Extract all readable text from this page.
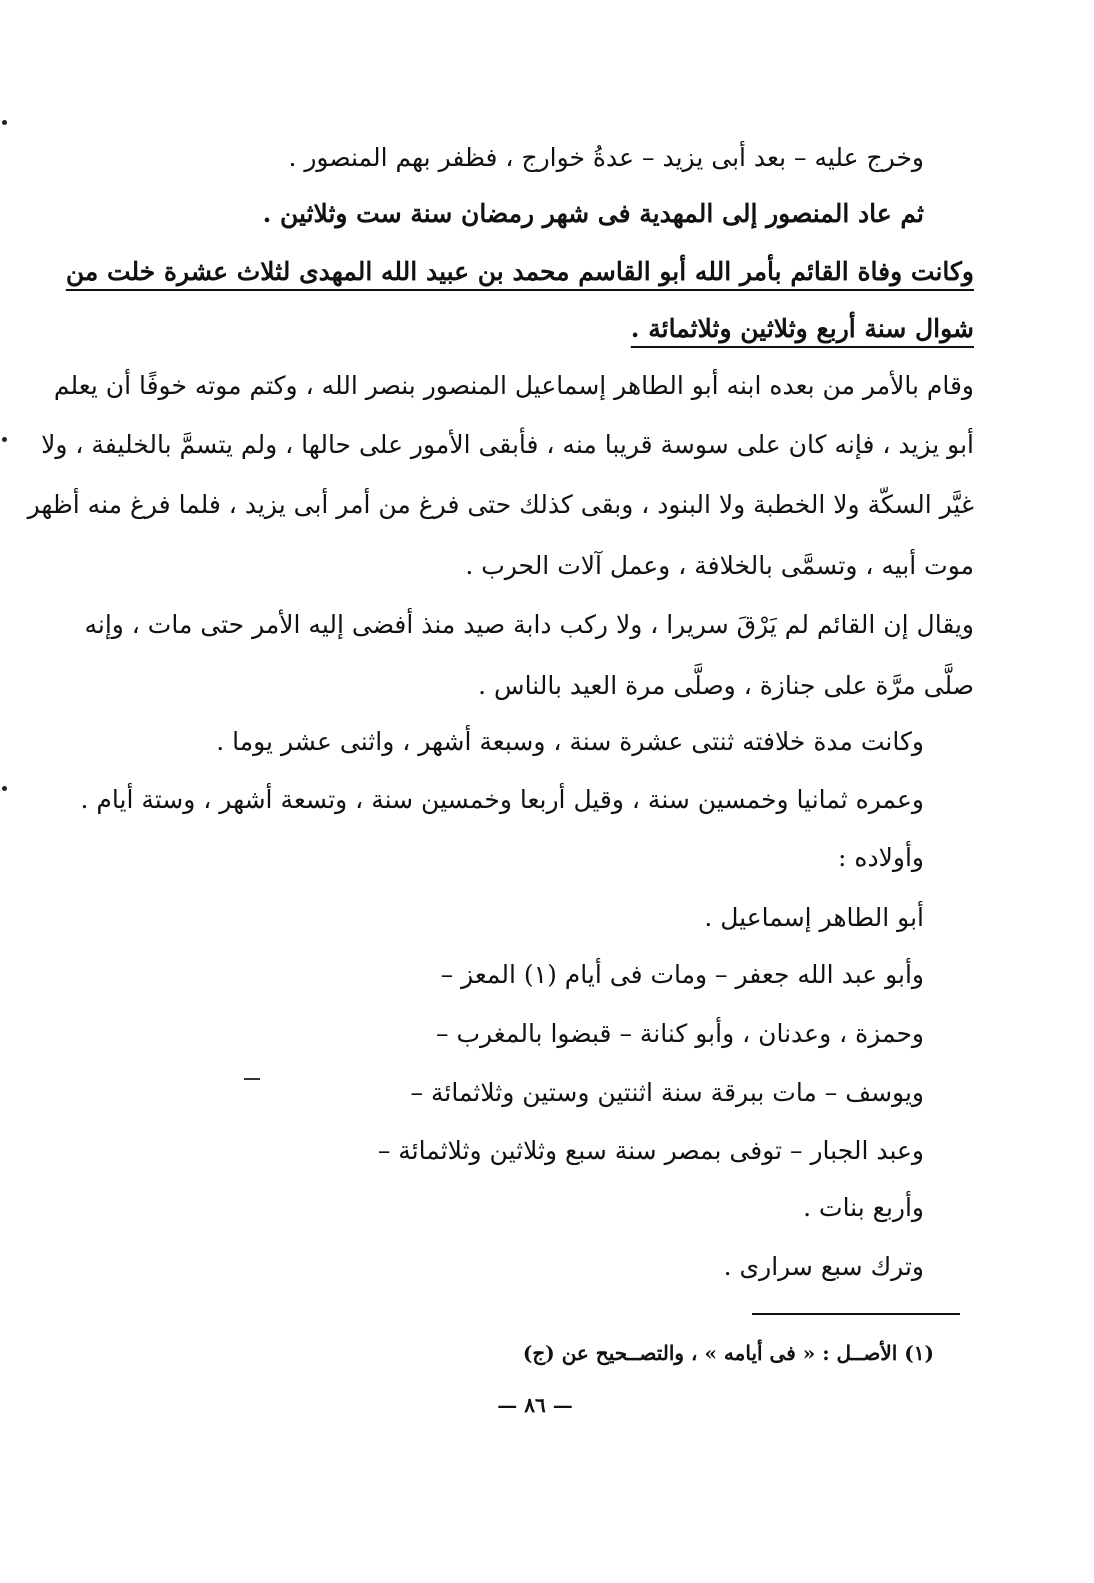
وخرج عليه – بعد أبى يزيد – عدةُ خوارج ، فظفر بهم المنصور .
ثم عاد المنصور إلى المهدية فى شهر رمضان سنة ست وثلاثين .
وكانت وفاة القائم بأمر الله أبو القاسم محمد بن عبيد الله المهدى لثلاث عشرة خلت من
شوال سنة أربع وثلاثين وثلاثمائة .
وقام بالأمر من بعده ابنه أبو الطاهر إسماعيل المنصور بنصر الله ، وكتم موته خوفًا أن يعلم
أبو يزيد ، فإنه كان على سوسة قريبا منه ، فأبقى الأمور على حالها ، ولم يتسمَّ بالخليفة ، ولا
غيَّر السكّة ولا الخطبة ولا البنود ، وبقى كذلك حتى فرغ من أمر أبى يزيد ، فلما فرغ منه أظهر
موت أبيه ، وتسمَّى بالخلافة ، وعمل آلات الحرب .
ويقال إن القائم لم يَرْقَ سريرا ، ولا ركب دابة صيد منذ أفضى إليه الأمر حتى مات ، وإنه
صلَّى مرَّة على جنازة ، وصلَّى مرة العيد بالناس .
وكانت مدة خلافته ثنتى عشرة سنة ، وسبعة أشهر ، واثنى عشر يوما .
وعمره ثمانيا وخمسين سنة ، وقيل أربعا وخمسين سنة ، وتسعة أشهر ، وستة أيام .
وأولاده :
أبو الطاهر إسماعيل .
وأبو عبد الله جعفر – ومات فى أيام (١) المعز –
وحمزة ، وعدنان ، وأبو كنانة – قبضوا بالمغرب –
ويوسف – مات ببرقة سنة اثنتين وستين وثلاثمائة –
وعبد الجبار – توفى بمصر سنة سبع وثلاثين وثلاثمائة –
وأربع بنات .
وترك سبع سرارى .
(١) الأصــل : « فى أيامه » ، والتصــحيح عن (ج)
— ٨٦ —
